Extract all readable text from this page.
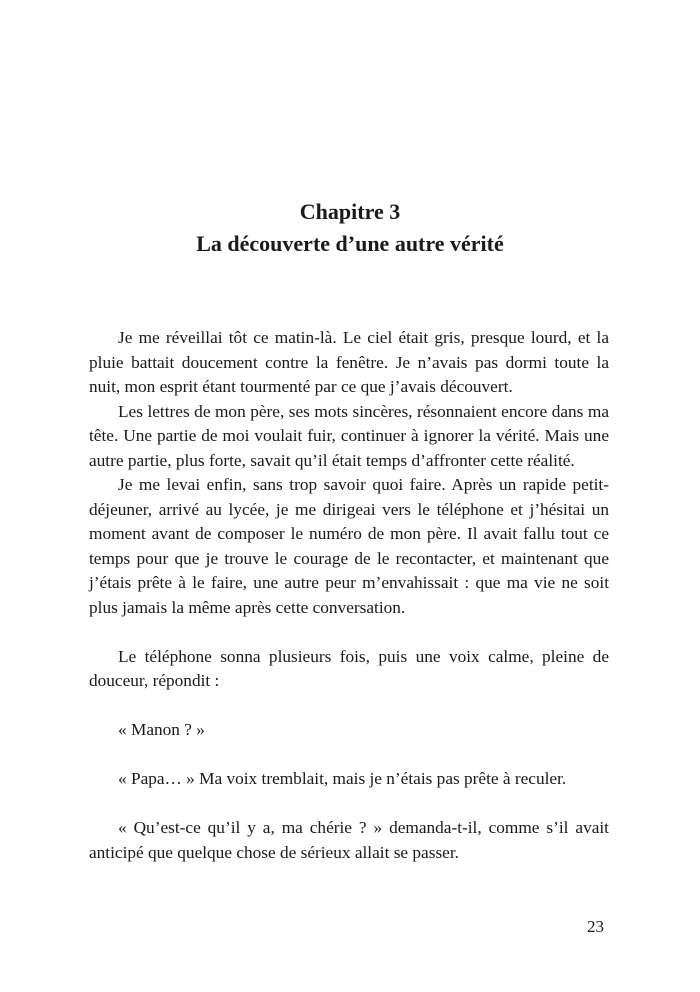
Chapitre 3
La découverte d’une autre vérité

Je me réveillai tôt ce matin-là. Le ciel était gris, presque lourd, et la pluie battait doucement contre la fenêtre. Je n’avais pas dormi toute la nuit, mon esprit étant tourmenté par ce que j’avais découvert.

Les lettres de mon père, ses mots sincères, résonnaient encore dans ma tête. Une partie de moi voulait fuir, continuer à ignorer la vérité. Mais une autre partie, plus forte, savait qu’il était temps d’affronter cette réalité.

Je me levai enfin, sans trop savoir quoi faire. Après un rapide petit-déjeuner, arrivé au lycée, je me dirigeai vers le téléphone et j’hésitai un moment avant de composer le numéro de mon père. Il avait fallu tout ce temps pour que je trouve le courage de le recontacter, et maintenant que j’étais prête à le faire, une autre peur m’envahissait : que ma vie ne soit plus jamais la même après cette conversation.

Le téléphone sonna plusieurs fois, puis une voix calme, pleine de douceur, répondit :

« Manon ? »

« Papa… » Ma voix tremblait, mais je n’étais pas prête à reculer.

« Qu’est-ce qu’il y a, ma chérie ? » demanda-t-il, comme s’il avait anticipé que quelque chose de sérieux allait se passer.

23
